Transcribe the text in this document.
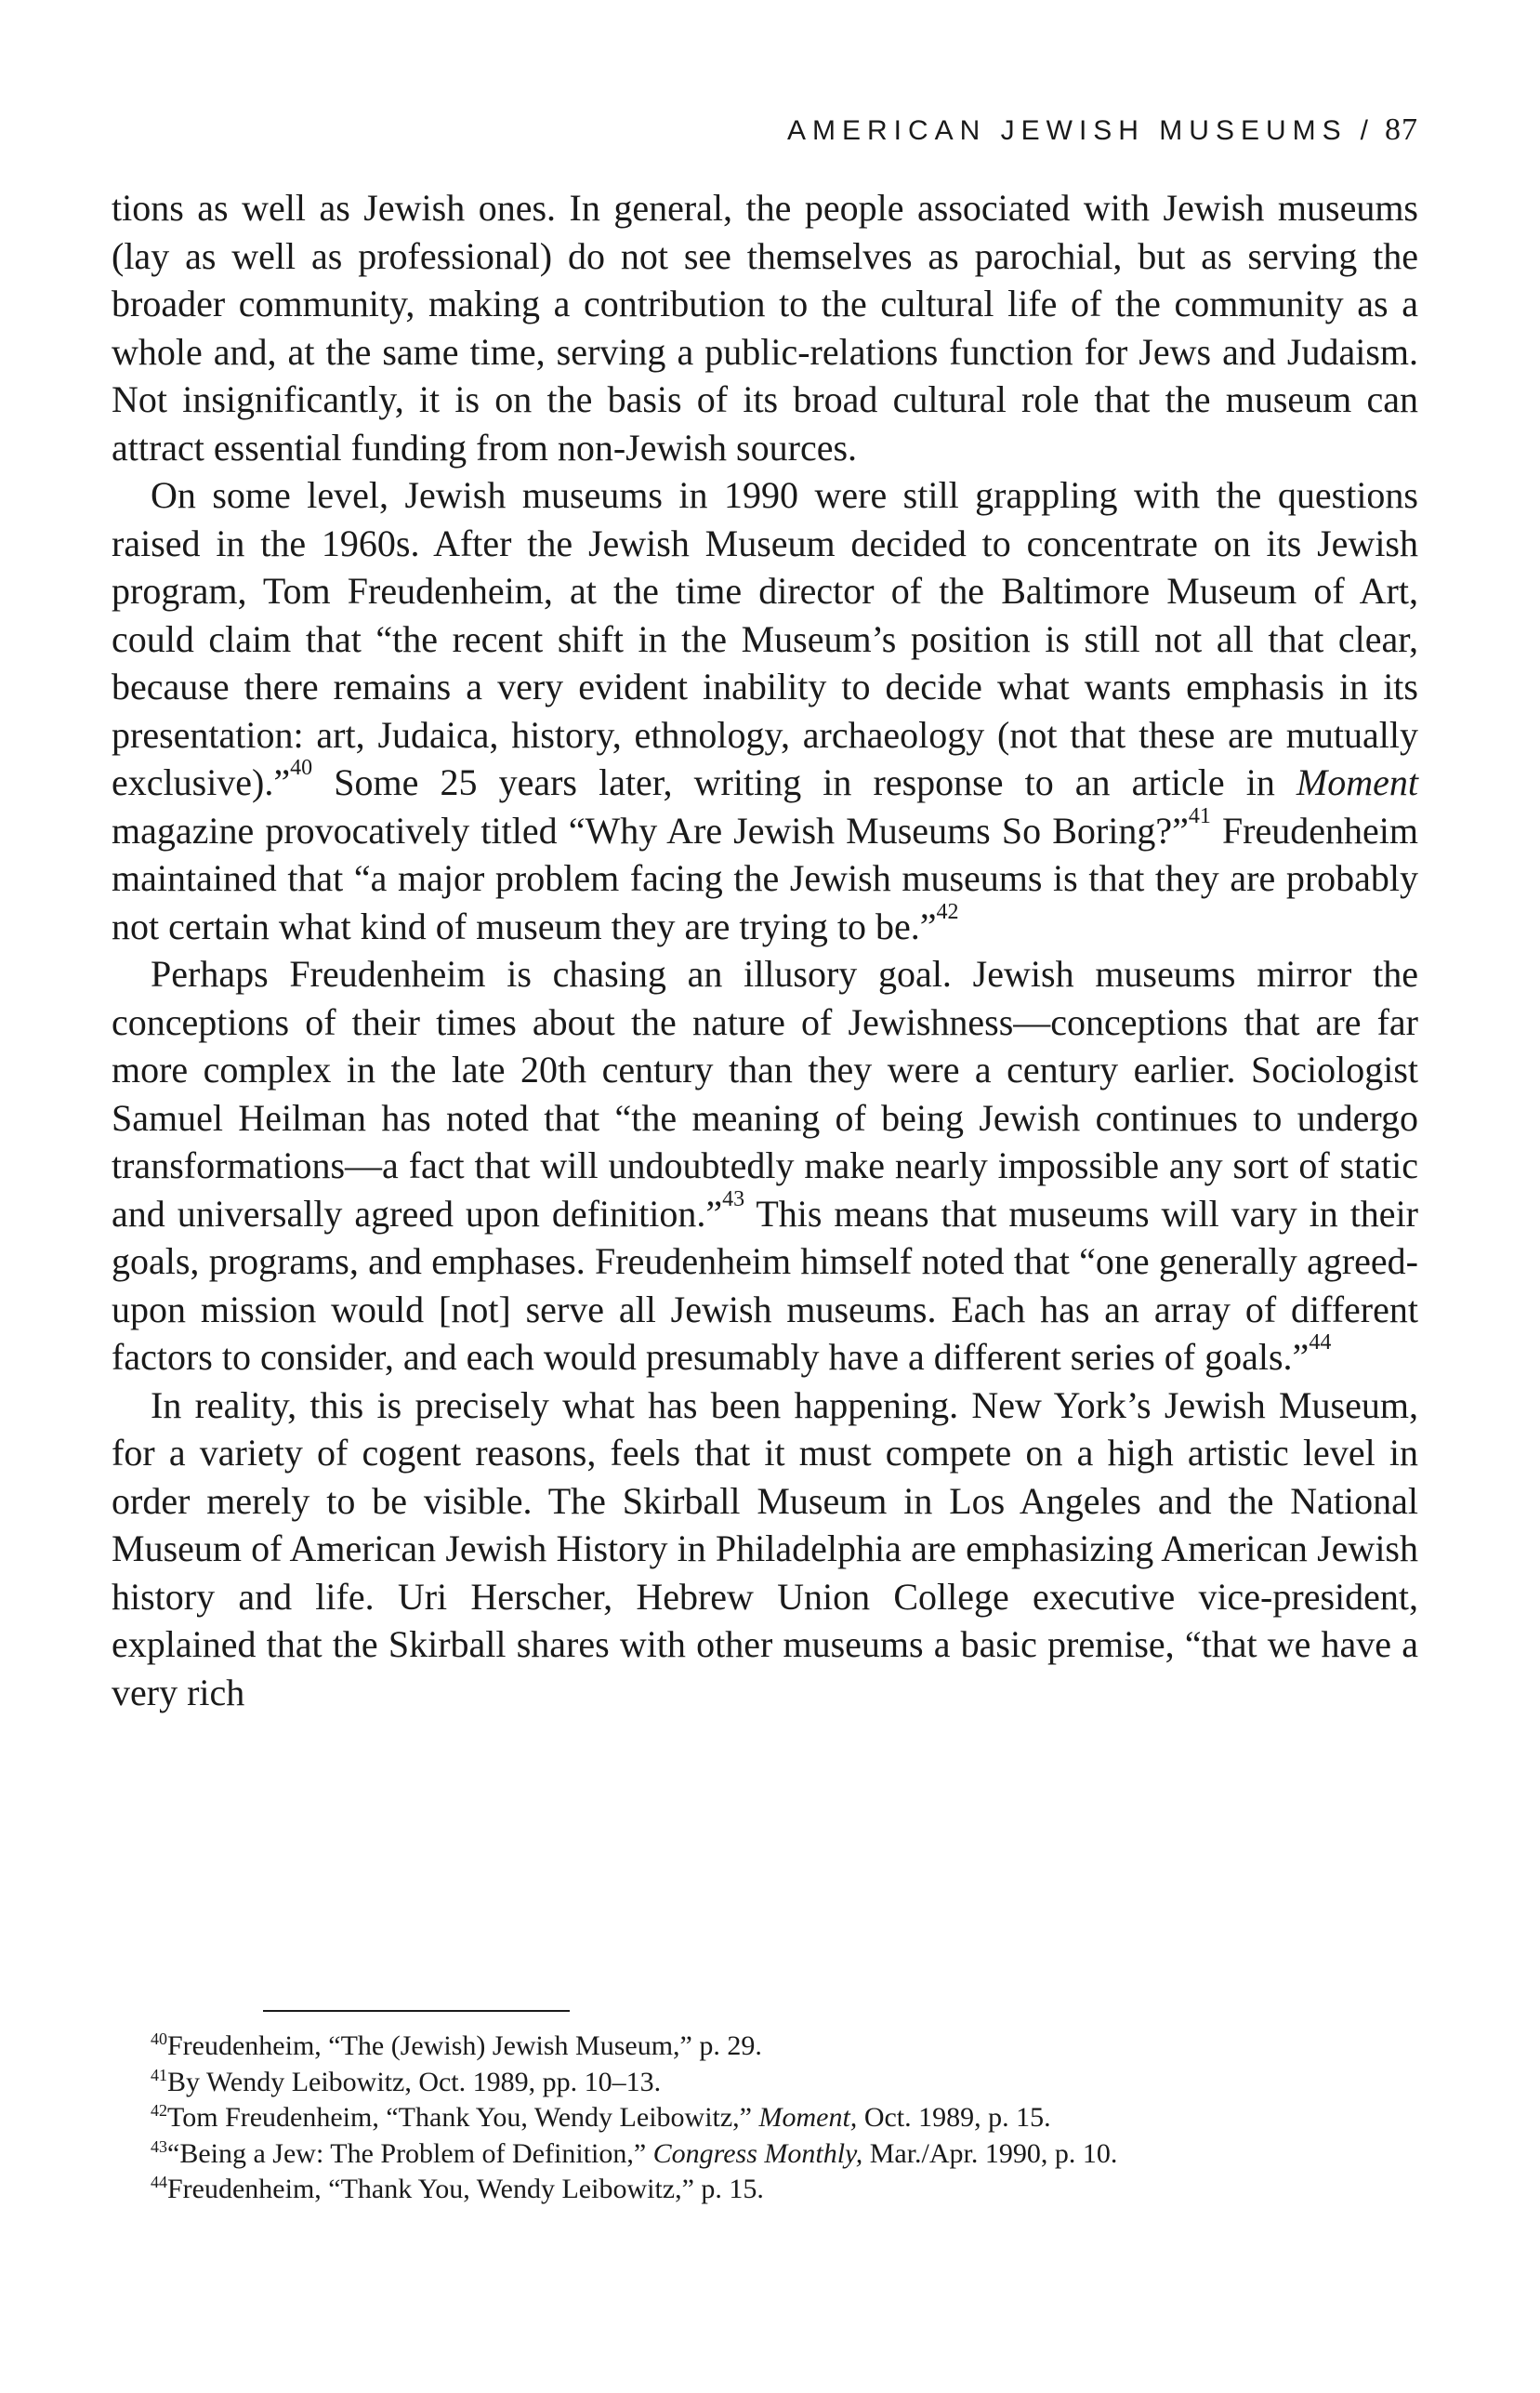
AMERICAN JEWISH MUSEUMS / 87

tions as well as Jewish ones. In general, the people associated with Jewish museums (lay as well as professional) do not see themselves as parochial, but as serving the broader community, making a contribution to the cultural life of the community as a whole and, at the same time, serving a public-relations function for Jews and Judaism. Not insignificantly, it is on the basis of its broad cultural role that the museum can attract essential funding from non-Jewish sources.

On some level, Jewish museums in 1990 were still grappling with the questions raised in the 1960s. After the Jewish Museum decided to concentrate on its Jewish program, Tom Freudenheim, at the time director of the Baltimore Museum of Art, could claim that “the recent shift in the Museum’s position is still not all that clear, because there remains a very evident inability to decide what wants emphasis in its presentation: art, Judaica, history, ethnology, archaeology (not that these are mutually exclusive).”$^{40}$ Some 25 years later, writing in response to an article in Moment magazine provocatively titled “Why Are Jewish Museums So Boring?”$^{41}$ Freudenheim maintained that “a major problem facing the Jewish museums is that they are probably not certain what kind of museum they are trying to be.”$^{42}$

Perhaps Freudenheim is chasing an illusory goal. Jewish museums mirror the conceptions of their times about the nature of Jewishness—conceptions that are far more complex in the late 20th century than they were a century earlier. Sociologist Samuel Heilman has noted that “the meaning of being Jewish continues to undergo transformations—a fact that will undoubtedly make nearly impossible any sort of static and universally agreed upon definition.”$^{43}$ This means that museums will vary in their goals, programs, and emphases. Freudenheim himself noted that “one generally agreed-upon mission would [not] serve all Jewish museums. Each has an array of different factors to consider, and each would presumably have a different series of goals.”$^{44}$

In reality, this is precisely what has been happening. New York’s Jewish Museum, for a variety of cogent reasons, feels that it must compete on a high artistic level in order merely to be visible. The Skirball Museum in Los Angeles and the National Museum of American Jewish History in Philadelphia are emphasizing American Jewish history and life. Uri Herscher, Hebrew Union College executive vice-president, explained that the Skirball shares with other museums a basic premise, “that we have a very rich

$^{40}$Freudenheim, “The (Jewish) Jewish Museum,” p. 29.

$^{41}$By Wendy Leibowitz, Oct. 1989, pp. 10–13.

$^{42}$Tom Freudenheim, “Thank You, Wendy Leibowitz,” Moment, Oct. 1989, p. 15.

$^{43}$“Being a Jew: The Problem of Definition,” Congress Monthly, Mar./Apr. 1990, p. 10.

$^{44}$Freudenheim, “Thank You, Wendy Leibowitz,” p. 15.
